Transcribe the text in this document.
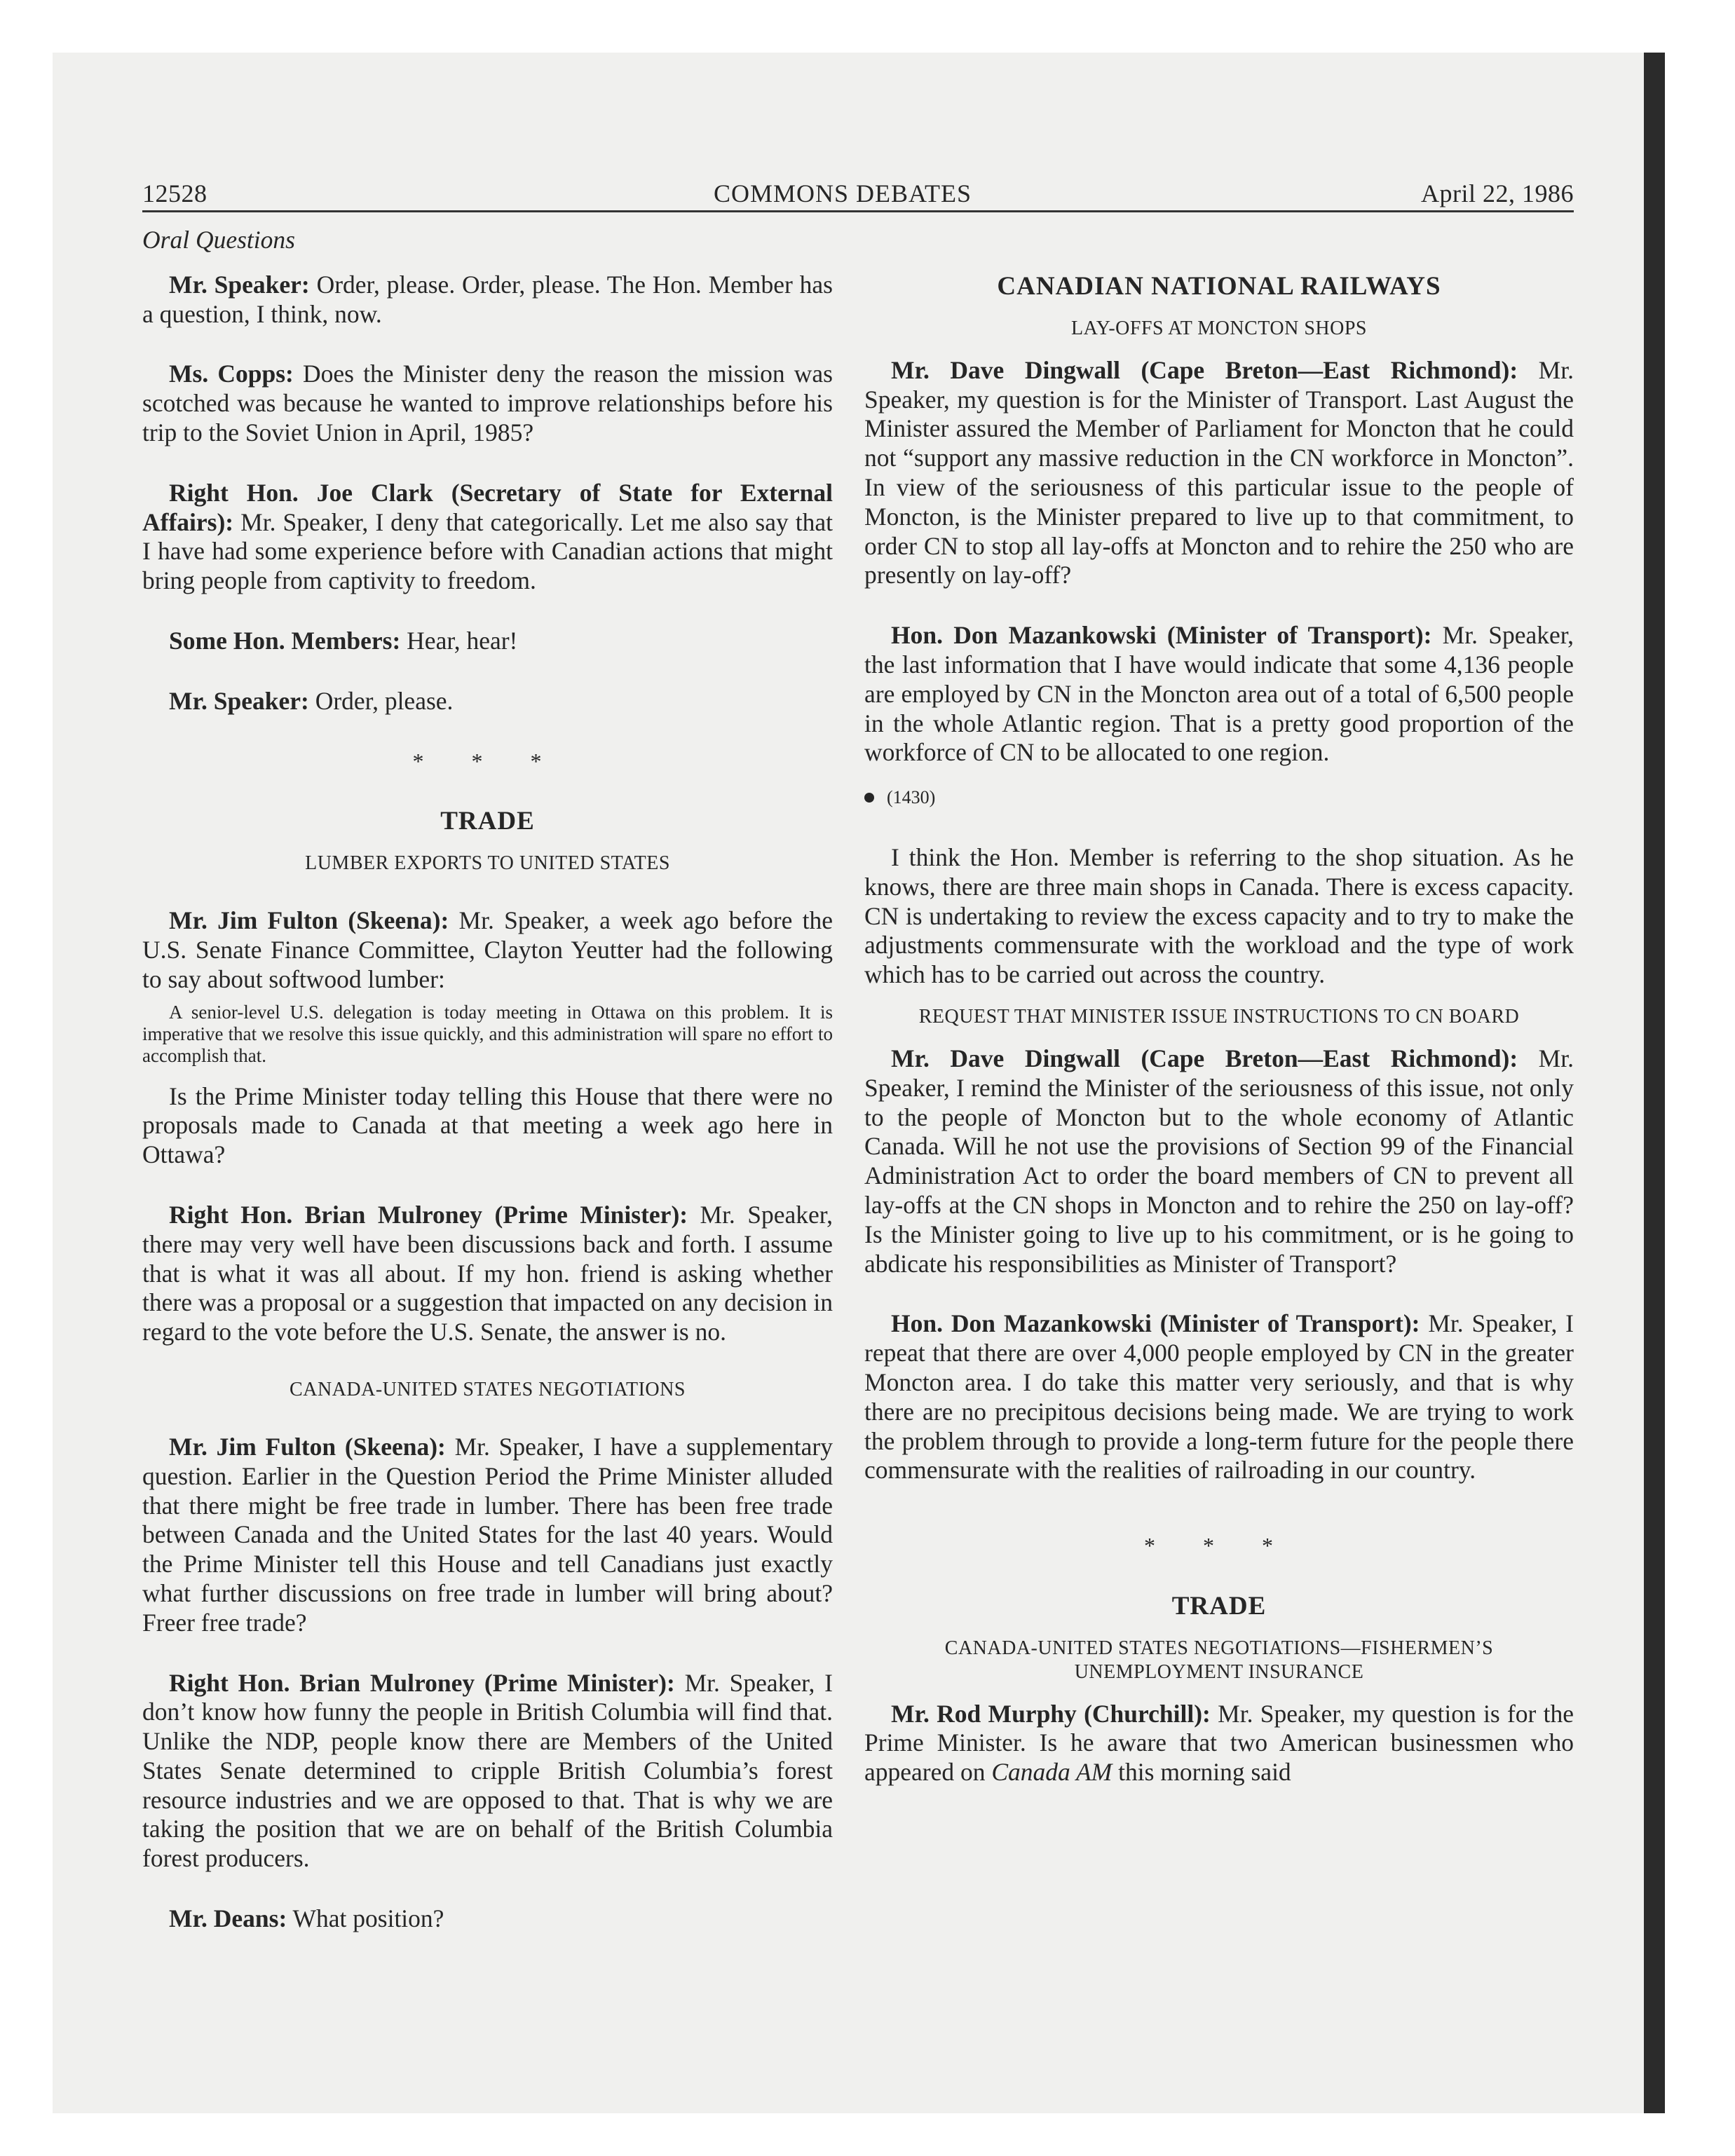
12528	COMMONS DEBATES	April 22, 1986

Oral Questions

Mr. Speaker: Order, please. Order, please. The Hon. Member has a question, I think, now.

Ms. Copps: Does the Minister deny the reason the mission was scotched was because he wanted to improve relationships before his trip to the Soviet Union in April, 1985?

Right Hon. Joe Clark (Secretary of State for External Affairs): Mr. Speaker, I deny that categorically. Let me also say that I have had some experience before with Canadian actions that might bring people from captivity to freedom.

Some Hon. Members: Hear, hear!

Mr. Speaker: Order, please.

* * *
TRADE
LUMBER EXPORTS TO UNITED STATES

Mr. Jim Fulton (Skeena): Mr. Speaker, a week ago before the U.S. Senate Finance Committee, Clayton Yeutter had the following to say about softwood lumber:

A senior-level U.S. delegation is today meeting in Ottawa on this problem. It is imperative that we resolve this issue quickly, and this administration will spare no effort to accomplish that.

Is the Prime Minister today telling this House that there were no proposals made to Canada at that meeting a week ago here in Ottawa?

Right Hon. Brian Mulroney (Prime Minister): Mr. Speaker, there may very well have been discussions back and forth. I assume that is what it was all about. If my hon. friend is asking whether there was a proposal or a suggestion that impacted on any decision in regard to the vote before the U.S. Senate, the answer is no.

CANADA-UNITED STATES NEGOTIATIONS

Mr. Jim Fulton (Skeena): Mr. Speaker, I have a supplementary question. Earlier in the Question Period the Prime Minister alluded that there might be free trade in lumber. There has been free trade between Canada and the United States for the last 40 years. Would the Prime Minister tell this House and tell Canadians just exactly what further discussions on free trade in lumber will bring about? Freer free trade?

Right Hon. Brian Mulroney (Prime Minister): Mr. Speaker, I don’t know how funny the people in British Columbia will find that. Unlike the NDP, people know there are Members of the United States Senate determined to cripple British Columbia’s forest resource industries and we are opposed to that. That is why we are taking the position that we are on behalf of the British Columbia forest producers.

Mr. Deans: What position?

CANADIAN NATIONAL RAILWAYS
LAY-OFFS AT MONCTON SHOPS

Mr. Dave Dingwall (Cape Breton—East Richmond): Mr. Speaker, my question is for the Minister of Transport. Last August the Minister assured the Member of Parliament for Moncton that he could not “support any massive reduction in the CN workforce in Moncton”. In view of the seriousness of this particular issue to the people of Moncton, is the Minister prepared to live up to that commitment, to order CN to stop all lay-offs at Moncton and to rehire the 250 who are presently on lay-off?

Hon. Don Mazankowski (Minister of Transport): Mr. Speaker, the last information that I have would indicate that some 4,136 people are employed by CN in the Moncton area out of a total of 6,500 people in the whole Atlantic region. That is a pretty good proportion of the workforce of CN to be allocated to one region.

(1430)

I think the Hon. Member is referring to the shop situation. As he knows, there are three main shops in Canada. There is excess capacity. CN is undertaking to review the excess capacity and to try to make the adjustments commensurate with the workload and the type of work which has to be carried out across the country.

REQUEST THAT MINISTER ISSUE INSTRUCTIONS TO CN BOARD

Mr. Dave Dingwall (Cape Breton—East Richmond): Mr. Speaker, I remind the Minister of the seriousness of this issue, not only to the people of Moncton but to the whole economy of Atlantic Canada. Will he not use the provisions of Section 99 of the Financial Administration Act to order the board members of CN to prevent all lay-offs at the CN shops in Moncton and to rehire the 250 on lay-off? Is the Minister going to live up to his commitment, or is he going to abdicate his responsibilities as Minister of Transport?

Hon. Don Mazankowski (Minister of Transport): Mr. Speaker, I repeat that there are over 4,000 people employed by CN in the greater Moncton area. I do take this matter very seriously, and that is why there are no precipitous decisions being made. We are trying to work the problem through to provide a long-term future for the people there commensurate with the realities of railroading in our country.

* * *
TRADE
CANADA-UNITED STATES NEGOTIATIONS—FISHERMEN’S UNEMPLOYMENT INSURANCE

Mr. Rod Murphy (Churchill): Mr. Speaker, my question is for the Prime Minister. Is he aware that two American businessmen who appeared on Canada AM this morning said
